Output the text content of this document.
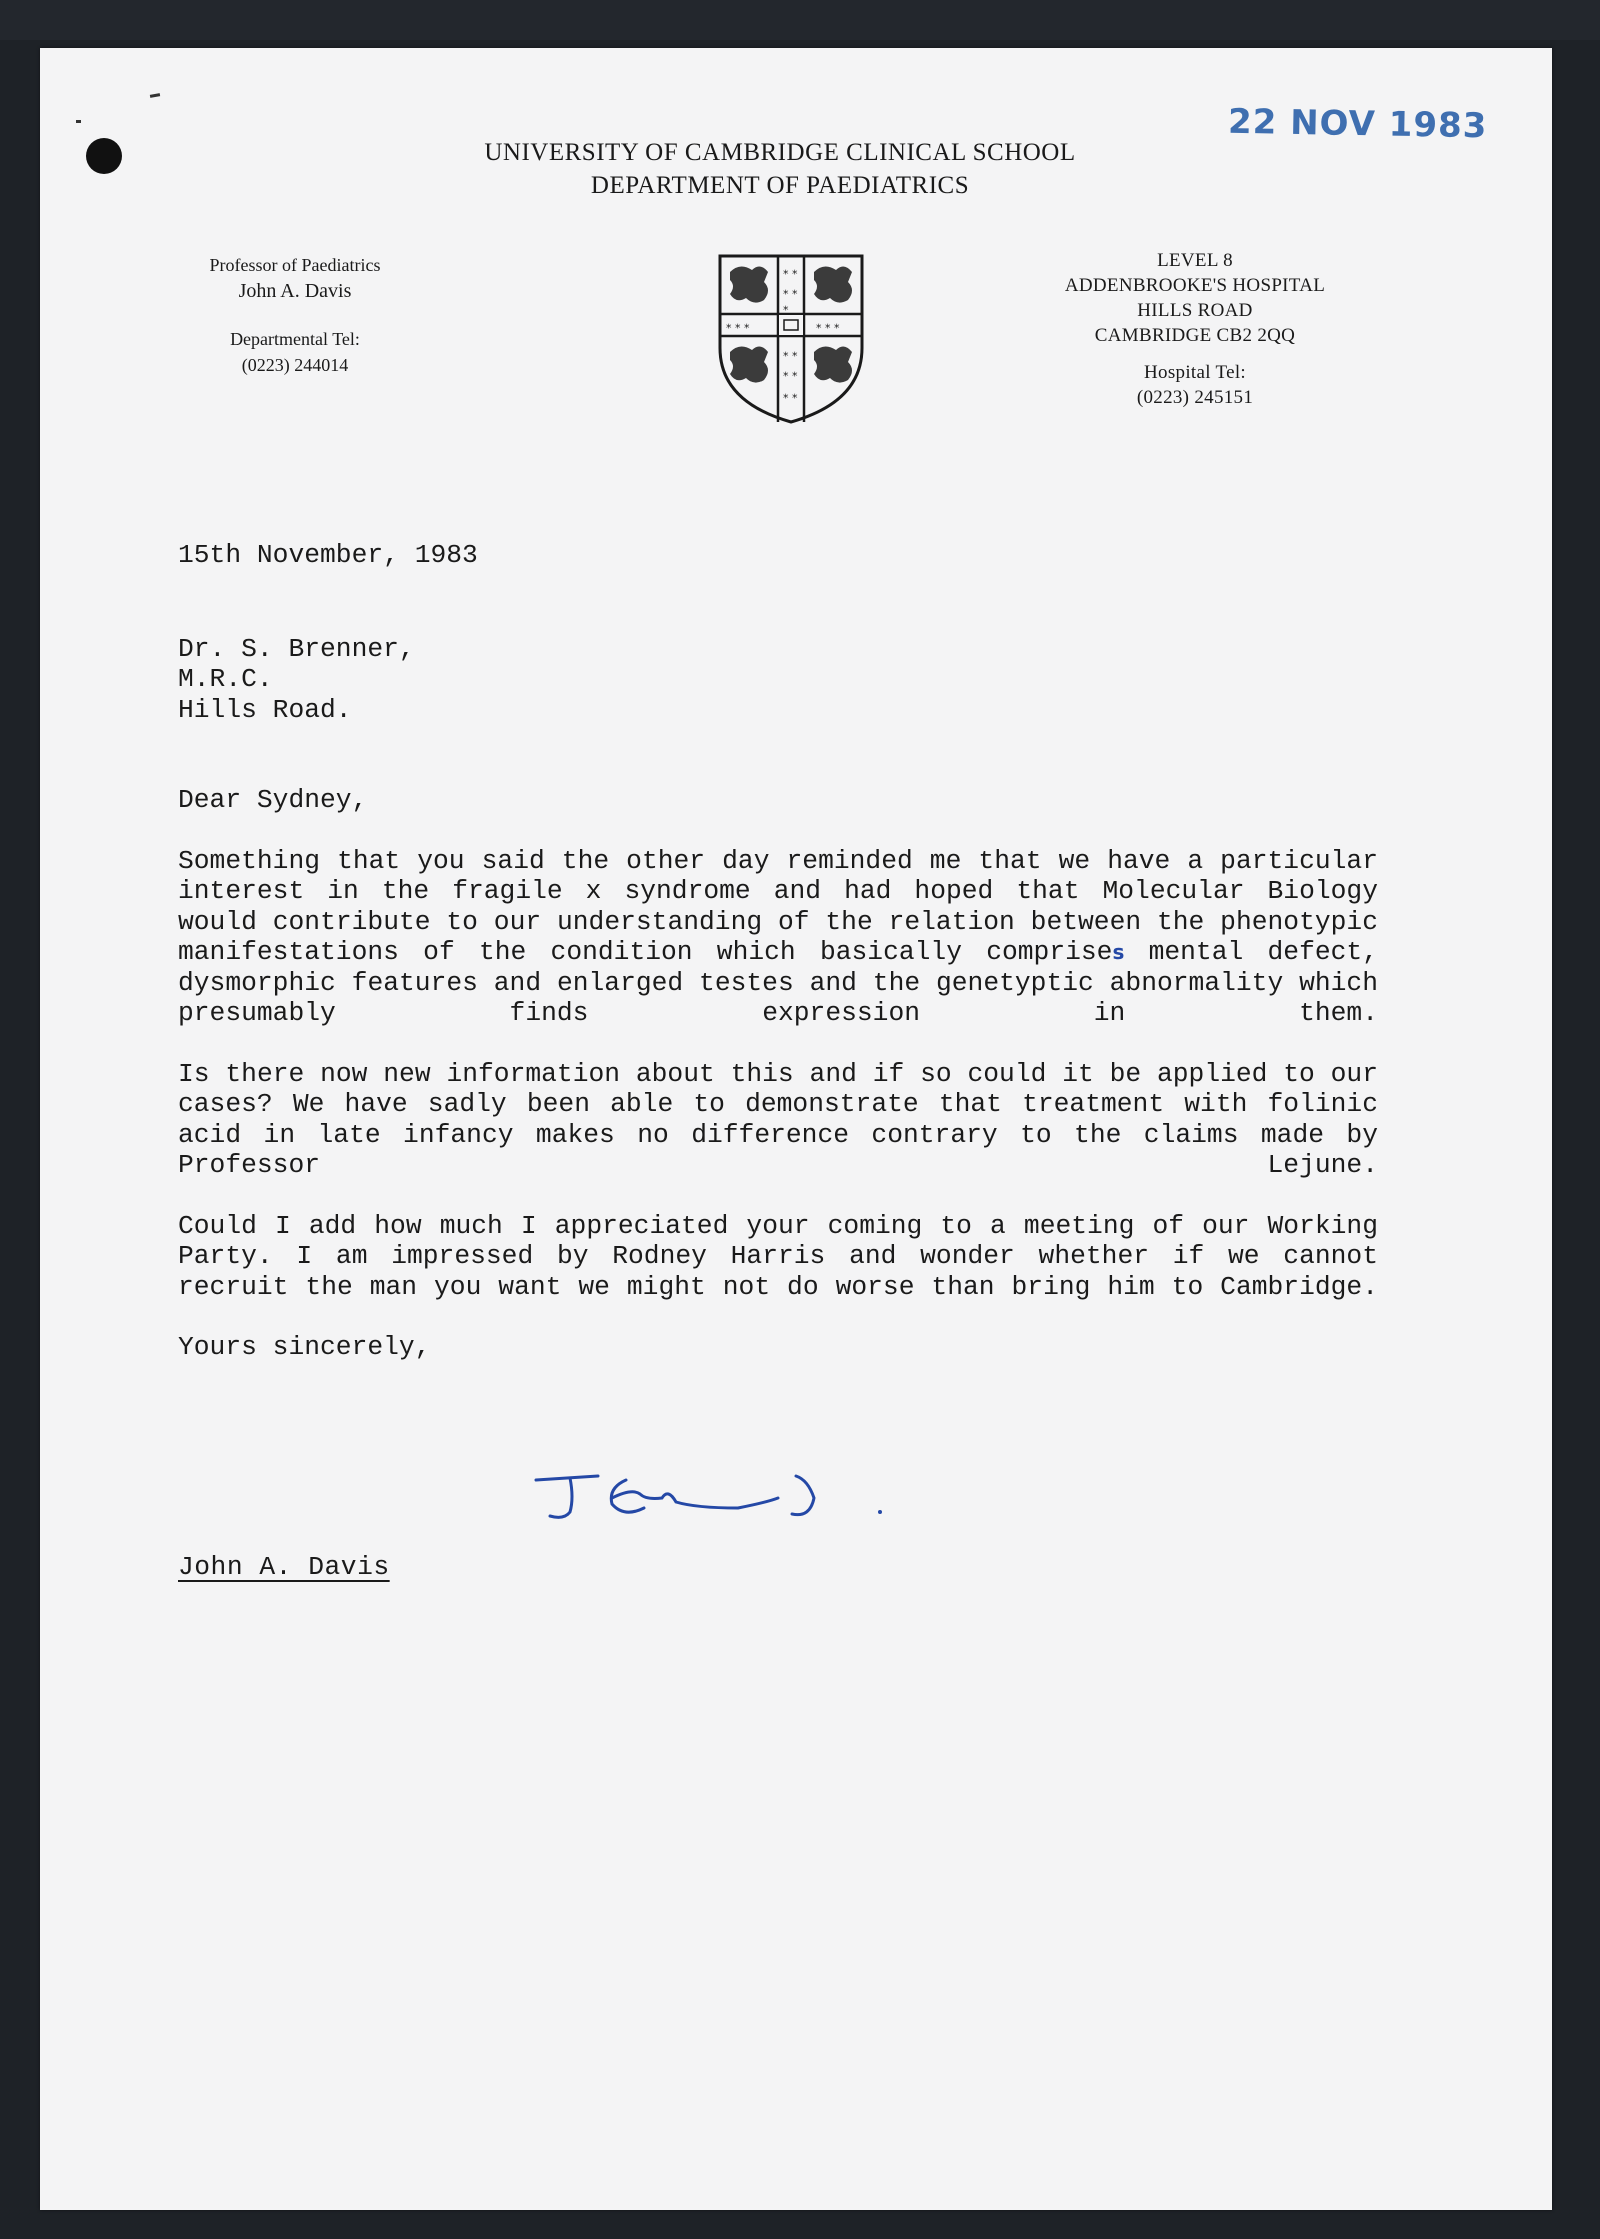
22 NOV 1983
UNIVERSITY OF CAMBRIDGE CLINICAL SCHOOL
DEPARTMENT OF PAEDIATRICS
Professor of Paediatrics
John A. Davis
Departmental Tel:
(0223) 244014
⁎ ⁎
⁎ ⁎
⁎
⁎ ⁎ ⁎	⁎ ⁎ ⁎
⁎ ⁎
⁎ ⁎
⁎ ⁎
LEVEL 8
ADDENBROOKE'S HOSPITAL
HILLS ROAD
CAMBRIDGE CB2 2QQ
Hospital Tel:
(0223) 245151

15th November, 1983

Dr. S. Brenner,
M.R.C.
Hills Road.

Dear Sydney,

Something that you said the other day reminded me that we have a particular interest in the fragile x syndrome and had hoped that Molecular Biology would contribute to our understanding of the relation between the phenotypic manifestations of the condition which basically comprises mental defect, dysmorphic features and enlarged testes and the genetyptic abnormality which presumably finds expression in them.

Is there now new information about this and if so could it be applied to our cases? We have sadly been able to demonstrate that treatment with folinic acid in late infancy makes no difference contrary to the claims made by Professor Lejune.

Could I add how much I appreciated your coming to a meeting of our Working Party. I am impressed by Rodney Harris and wonder whether if we cannot recruit the man you want we might not do worse than bring him to Cambridge.

Yours sincerely,

John A. Davis
